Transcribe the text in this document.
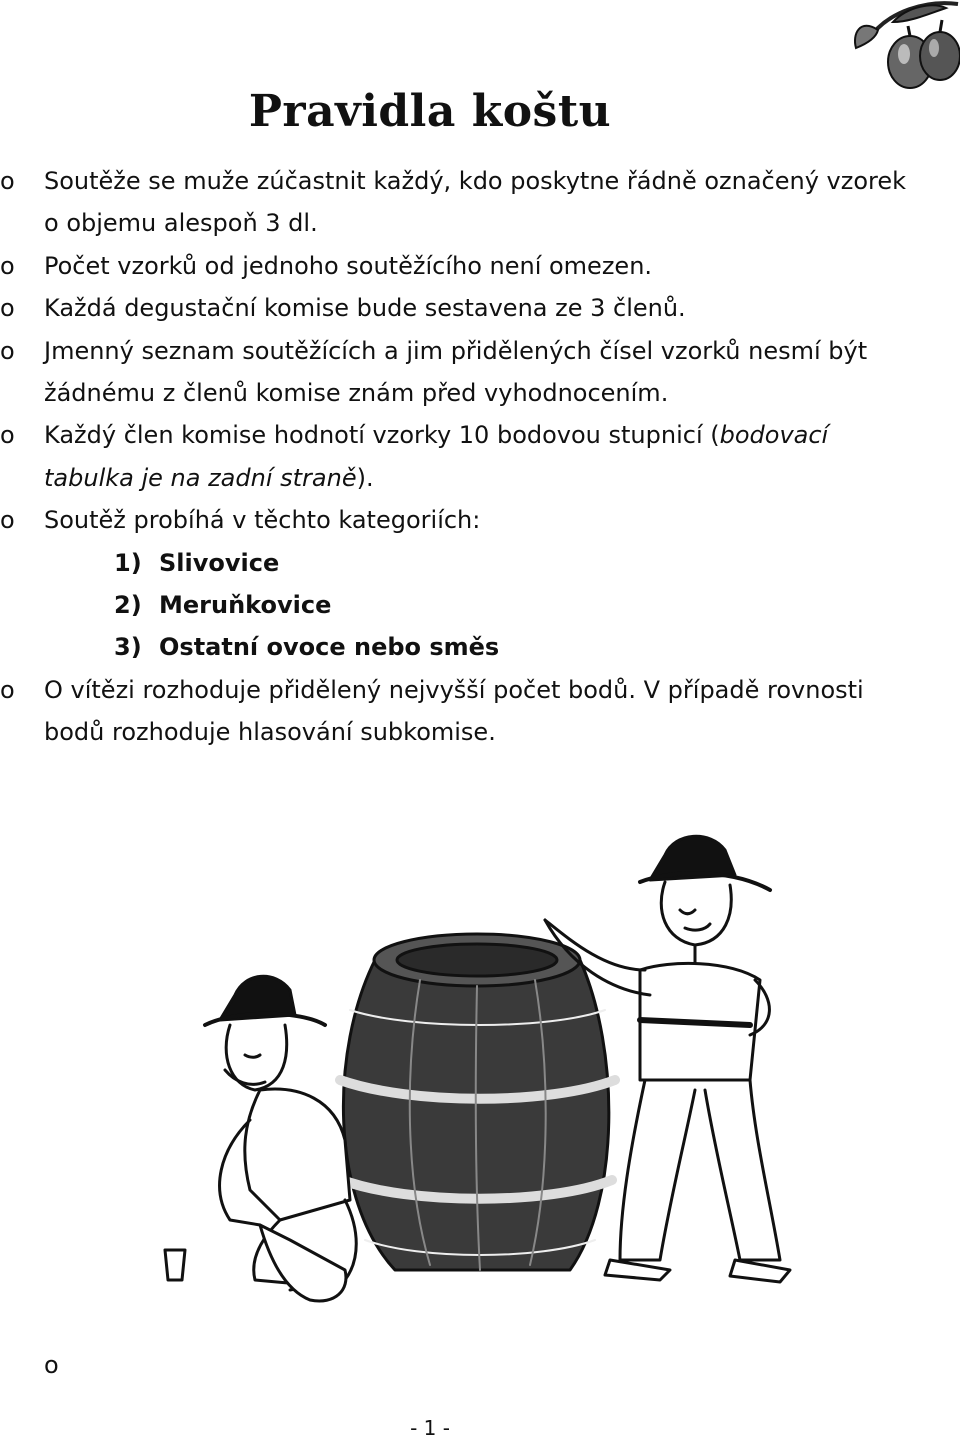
Pravidla koštu
o	Soutěže se muže zúčastnit každý, kdo poskytne řádně označený vzorek o objemu alespoň 3 dl.
o	Počet vzorků od jednoho soutěžícího není omezen.
o	Každá degustační komise bude sestavena ze 3 členů.
o	Jmenný seznam soutěžících a jim přidělených čísel vzorků nesmí být žádnému z členů komise znám před vyhodnocením.
o	Každý člen komise hodnotí vzorky 10 bodovou stupnicí (bodovací tabulka je na zadní straně).
o	Soutěž probíhá v těchto kategoriích:
1) Slivovice
2) Meruňkovice
3) Ostatní ovoce nebo směs
o	O vítězi rozhoduje přidělený nejvyšší počet bodů. V případě rovnosti bodů rozhoduje hlasování subkomise.
o
- 1 -
